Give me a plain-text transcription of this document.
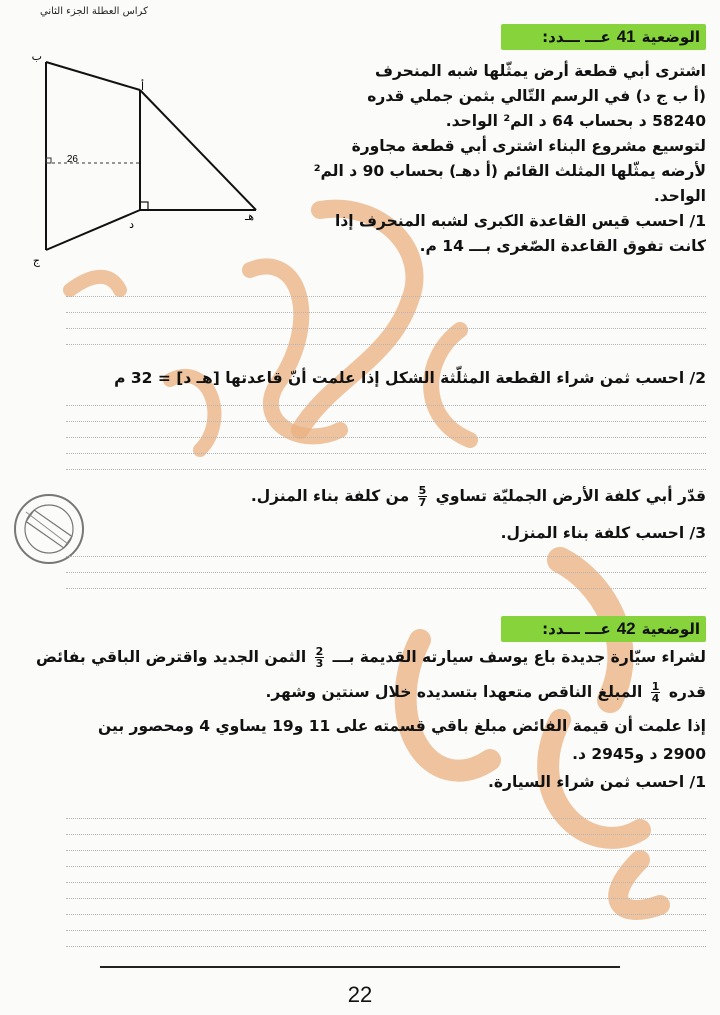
كراس العطلة الجزء الثاني
الوضعية
41
عـــ ـــدد:
اشترى أبي قطعة أرض يمثّلها شبه المنحرف
(أ ب ج د) في الرسم التّالي بثمن جملي قدره
58240 د بحساب 64 د الم² الواحد.
لتوسيع مشروع البناء اشترى أبي قطعة مجاورة
لأرضه يمثّلها المثلث القائم (أ دهـ) بحساب 90 د الم²
الواحد.
1/ احسب قيس القاعدة الكبرى لشبه المنحرف إذا
كانت تفوق القاعدة الصّغرى بـــ 14 م.
26
ب
أ
ج
د
هـ
2/ احسب ثمن شراء القطعة المثلّثة الشكل إذا علمت أنّ قاعدتها [هـ د] = 32 م
قدّر أبي كلفة الأرض الجمليّة تساوي
$\frac{5}{7}$
من كلفة بناء المنزل.
3/ احسب كلفة بناء المنزل.
الوضعية
42
عـــ ـــدد:
لشراء سيّارة جديدة باع يوسف سيارته القديمة بـــ
$\frac{2}{3}$
الثمن الجديد واقترض الباقي بفائض
قدره
$\frac{1}{4}$
المبلغ الناقص متعهدا بتسديده خلال سنتين وشهر.
إذا علمت أن قيمة الفائض مبلغ باقي قسمته على 11 و19 يساوي 4 ومحصور بين
2900 د و2945 د.
1/ احسب ثمن شراء السيارة.
22
